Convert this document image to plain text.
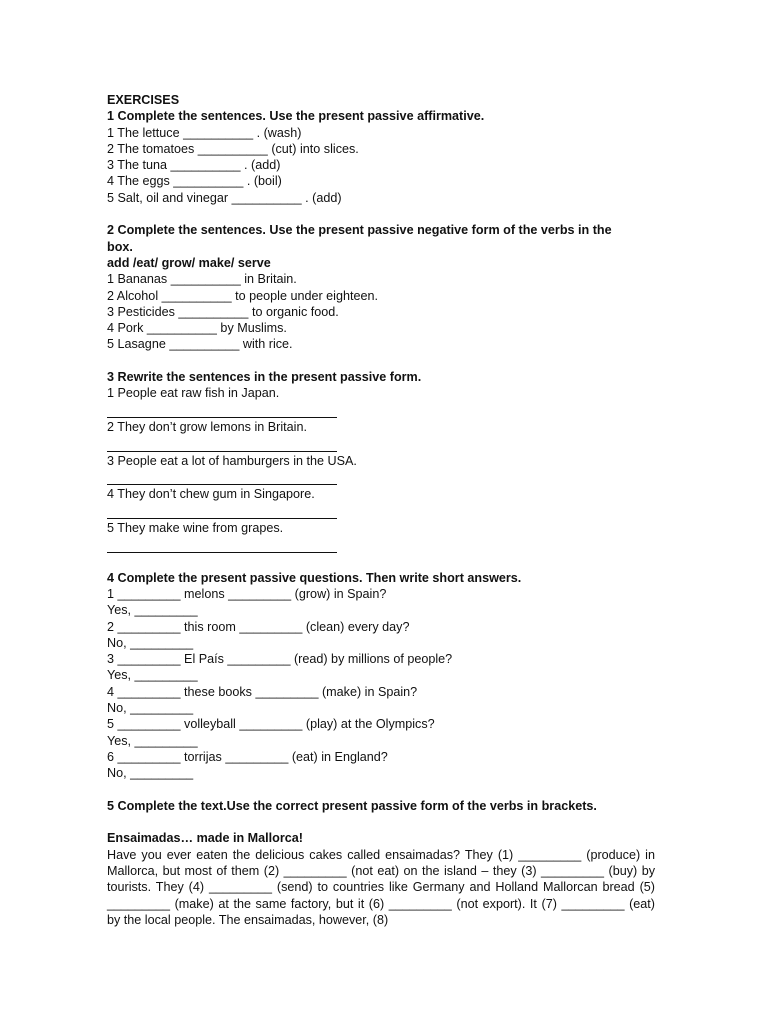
EXERCISES
1 Complete the sentences. Use the present passive affirmative.
1 The lettuce __________ . (wash)
2 The tomatoes __________ (cut) into slices.
3 The tuna __________ . (add)
4 The eggs __________ . (boil)
5 Salt, oil and vinegar __________ . (add)
2 Complete the sentences. Use the present passive negative form of the verbs in the
box.
add /eat/ grow/ make/ serve
1 Bananas __________ in Britain.
2 Alcohol __________ to people under eighteen.
3 Pesticides __________ to organic food.
4 Pork __________ by Muslims.
5 Lasagne __________ with rice.
3 Rewrite the sentences in the present passive form.
1 People eat raw fish in Japan.
2 They don’t grow lemons in Britain.
3 People eat a lot of hamburgers in the USA.
4 They don’t chew gum in Singapore.
5 They make wine from grapes.
4 Complete the present passive questions. Then write short answers.
1 _________ melons _________ (grow) in Spain?
Yes, _________
2 _________ this room _________ (clean) every day?
No, _________
3 _________ El País _________ (read) by millions of people?
Yes, _________
4 _________ these books _________ (make) in Spain?
No, _________
5 _________ volleyball _________ (play) at the Olympics?
Yes, _________
6 _________ torrijas _________ (eat) in England?
No, _________
5 Complete the text.Use the correct present passive form of the verbs in brackets.
Ensaimadas… made in Mallorca!
Have you ever eaten the delicious cakes called ensaimadas? They (1) _________ (produce) in Mallorca, but most of them (2) _________ (not eat) on the island – they (3) _________ (buy) by tourists. They (4) _________ (send) to countries like Germany and Holland Mallorcan bread (5) _________ (make) at the same factory, but it (6) _________ (not export). It (7) _________ (eat) by the local people. The ensaimadas, however, (8)
